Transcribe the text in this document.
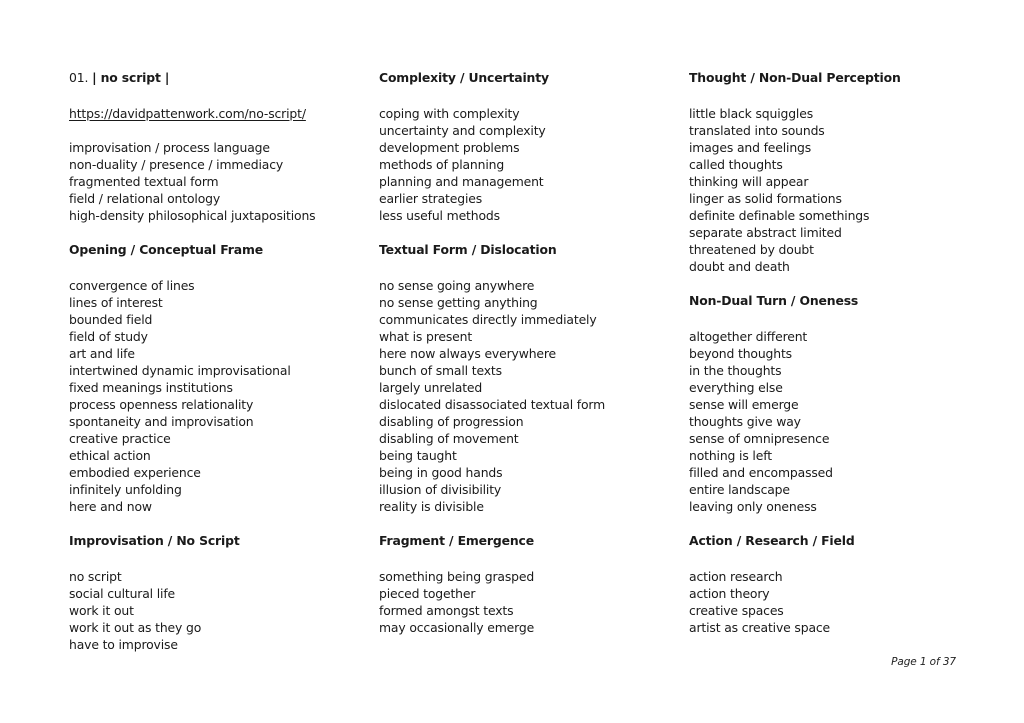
01. | no script |

https://davidpattenwork.com/no-script/

improvisation / process language

non-duality / presence / immediacy

fragmented textual form

field / relational ontology

high-density philosophical juxtapositions

Opening / Conceptual Frame

convergence of lines

lines of interest

bounded field

field of study

art and life

intertwined dynamic improvisational

fixed meanings institutions

process openness relationality

spontaneity and improvisation

creative practice

ethical action

embodied experience

infinitely unfolding

here and now

Improvisation / No Script

no script

social cultural life

work it out

work it out as they go

have to improvise

Complexity / Uncertainty

coping with complexity

uncertainty and complexity

development problems

methods of planning

planning and management

earlier strategies

less useful methods

Textual Form / Dislocation

no sense going anywhere

no sense getting anything

communicates directly immediately

what is present

here now always everywhere

bunch of small texts

largely unrelated

dislocated disassociated textual form

disabling of progression

disabling of movement

being taught

being in good hands

illusion of divisibility

reality is divisible

Fragment / Emergence

something being grasped

pieced together

formed amongst texts

may occasionally emerge

Thought / Non-Dual Perception

little black squiggles

translated into sounds

images and feelings

called thoughts

thinking will appear

linger as solid formations

definite definable somethings

separate abstract limited

threatened by doubt

doubt and death

Non-Dual Turn / Oneness

altogether different

beyond thoughts

in the thoughts

everything else

sense will emerge

thoughts give way

sense of omnipresence

nothing is left

filled and encompassed

entire landscape

leaving only oneness

Action / Research / Field

action research

action theory

creative spaces

artist as creative space

Page 1 of 37
